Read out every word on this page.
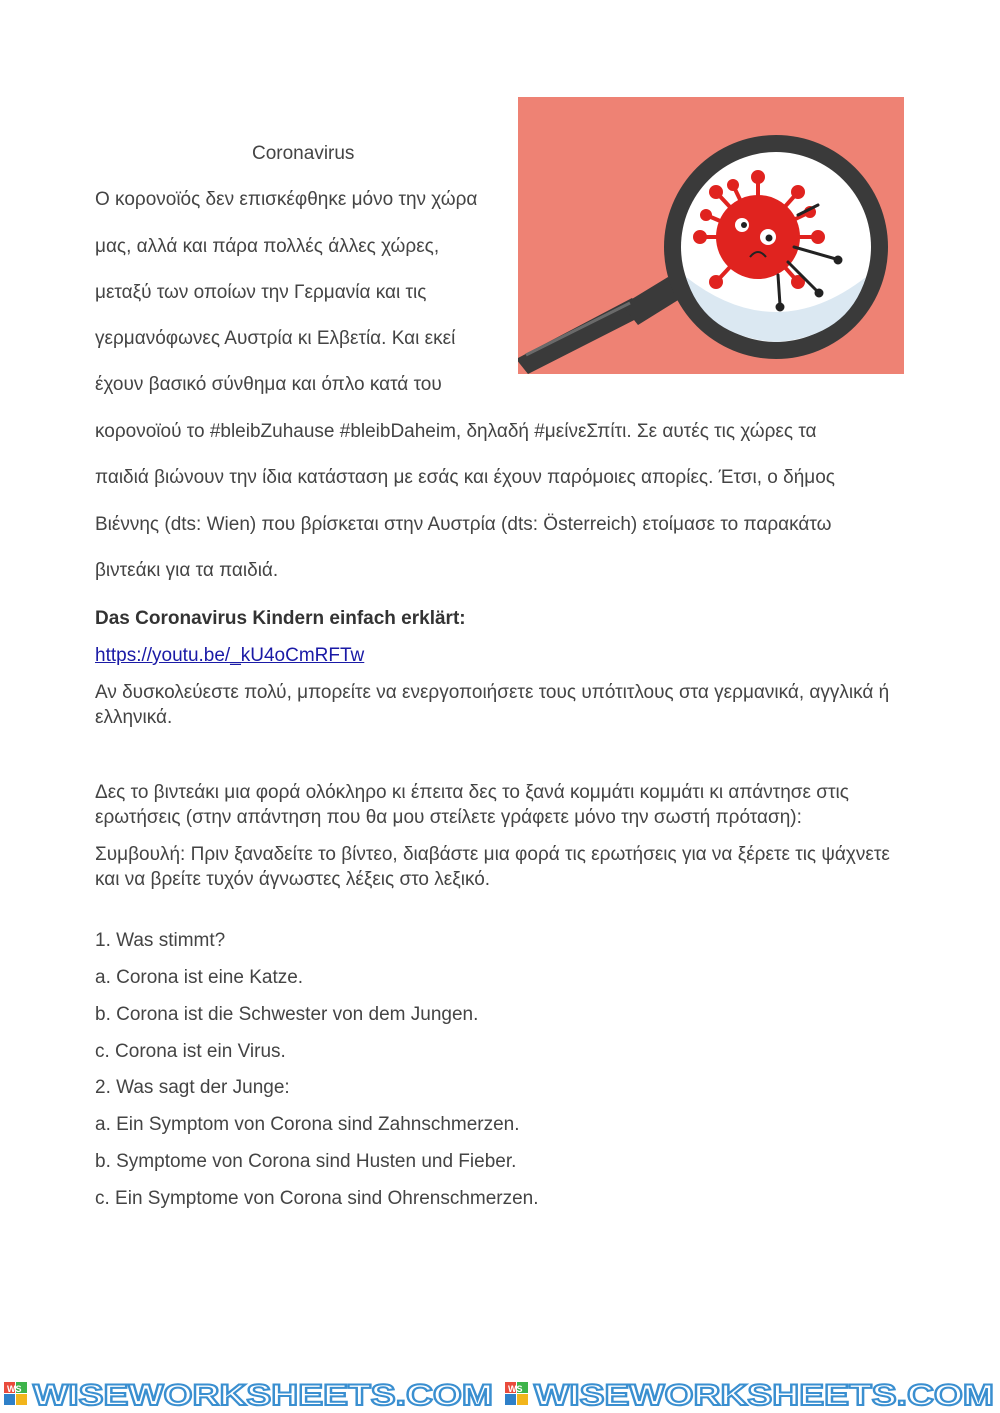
Coronavirus
Ο κορονοϊός δεν επισκέφθηκε μόνο την χώρα
μας, αλλά και πάρα πολλές άλλες χώρες,
μεταξύ των οποίων την Γερμανία και τις
γερμανόφωνες Αυστρία κι Ελβετία. Και εκεί
έχουν βασικό σύνθημα και όπλο κατά του
κορονοϊού το #bleibZuhause #bleibDaheim, δηλαδή #μείνεΣπίτι. Σε αυτές τις χώρες τα
παιδιά βιώνουν την ίδια κατάσταση με εσάς και έχουν παρόμοιες απορίες. Έτσι, ο δήμος
Βιέννης (dts: Wien) που βρίσκεται στην Αυστρία (dts: Österreich) ετοίμασε το παρακάτω
βιντεάκι για τα παιδιά.
Das Coronavirus Kindern einfach erklärt:
https://youtu.be/_kU4oCmRFTw
Αν δυσκολεύεστε πολύ, μπορείτε να ενεργοποιήσετε τους υπότιτλους στα γερμανικά, αγγλικά ή ελληνικά.
Δες το βιντεάκι μια φορά ολόκληρο κι έπειτα δες το ξανά κομμάτι κομμάτι κι απάντησε στις ερωτήσεις (στην απάντηση που θα μου στείλετε γράφετε μόνο την σωστή πρόταση):
Συμβουλή: Πριν ξαναδείτε το βίντεο, διαβάστε μια φορά τις ερωτήσεις για να ξέρετε τις ψάχνετε και να βρείτε τυχόν άγνωστες λέξεις στο λεξικό.
1. Was stimmt?
a. Corona ist eine Katze.
b. Corona ist die Schwester von dem Jungen.
c. Corona ist ein Virus.
2. Was sagt der Junge:
a. Ein Symptom von Corona sind Zahnschmerzen.
b. Symptome von Corona sind Husten und Fieber.
c. Ein Symptome von Corona sind Ohrenschmerzen.
WS WISEWORKSHEETS.COM WS WISEWORKSHEETS.COM
